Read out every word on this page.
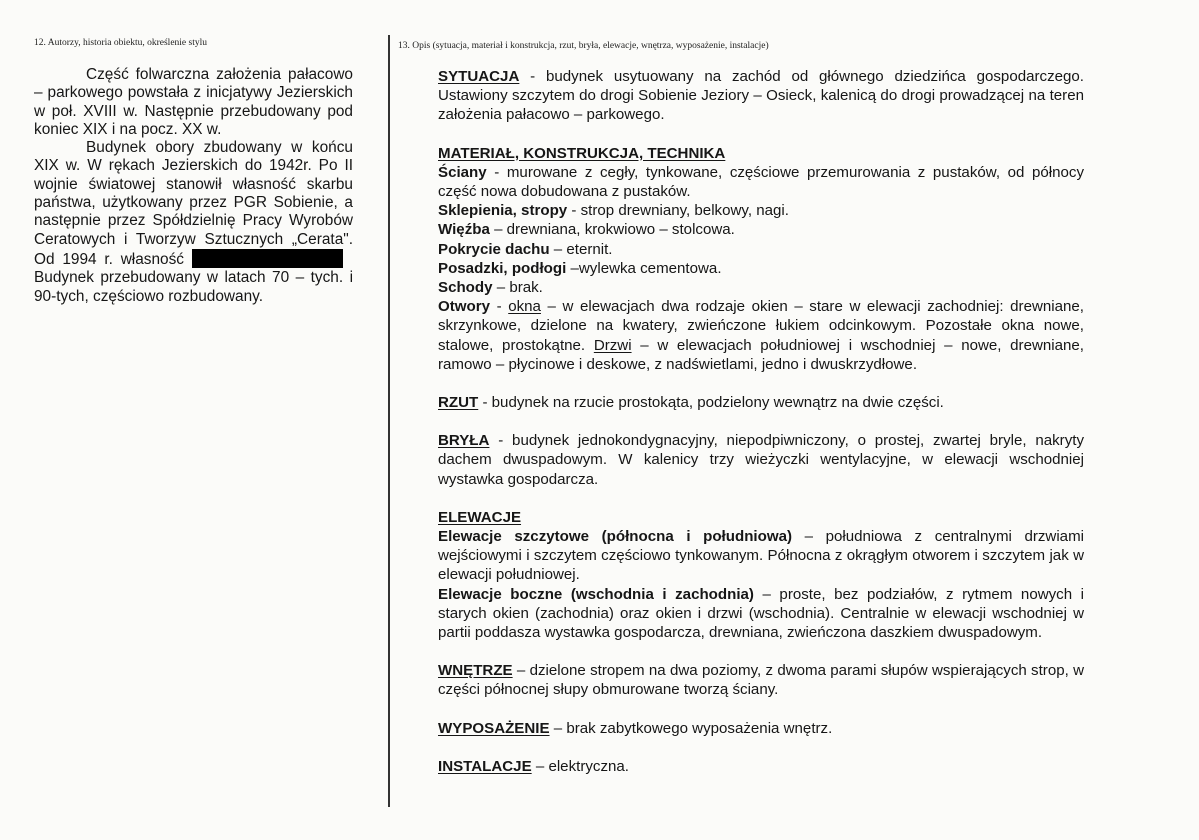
12. Autorzy, historia obiektu, określenie stylu	13. Opis (sytuacja, materiał i konstrukcja, rzut, bryła, elewacje, wnętrza, wyposażenie, instalacje)

Część folwarczna założenia pałacowo – parkowego powstała z inicjatywy Jezierskich w poł. XVIII w. Następnie przebudowany pod koniec XIX i na pocz. XX w.

Budynek obory zbudowany w końcu XIX w. W rękach Jezierskich do 1942r. Po II wojnie światowej stanowił własność skarbu państwa, użytkowany przez PGR Sobienie, a następnie przez Spółdzielnię Pracy Wyrobów Ceratowych i Tworzyw Sztucznych „Cerata". Od 1994 r. własnośćBudynek przebudowany w latach 70 – tych. i 90-tych, częściowo rozbudowany.

SYTUACJA - budynek usytuowany na zachód od głównego dziedzińca gospodarczego. Ustawiony szczytem do drogi Sobienie Jeziory – Osieck, kalenicą do drogi prowadzącej na teren założenia pałacowo – parkowego.

MATERIAŁ, KONSTRUKCJA, TECHNIKA

Ściany - murowane z cegły, tynkowane, częściowe przemurowania z pustaków, od północy część nowa dobudowana z pustaków.

Sklepienia, stropy - strop drewniany, belkowy, nagi.

Więźba – drewniana, krokwiowo – stolcowa.

Pokrycie dachu – eternit.

Posadzki, podłogi –wylewka cementowa.

Schody – brak.

Otwory - okna – w elewacjach dwa rodzaje okien – stare w elewacji zachodniej: drewniane, skrzynkowe, dzielone na kwatery, zwieńczone łukiem odcinkowym. Pozostałe okna nowe, stalowe, prostokątne. Drzwi – w elewacjach południowej i wschodniej – nowe, drewniane, ramowo – płycinowe i deskowe, z nadświetlami, jedno i dwuskrzydłowe.

RZUT - budynek na rzucie prostokąta, podzielony wewnątrz na dwie części.

BRYŁA - budynek jednokondygnacyjny, niepodpiwniczony, o prostej, zwartej bryle, nakryty dachem dwuspadowym. W kalenicy trzy wieżyczki wentylacyjne, w elewacji wschodniej wystawka gospodarcza.

ELEWACJE

Elewacje szczytowe (północna i południowa) – południowa z centralnymi drzwiami wejściowymi i szczytem częściowo tynkowanym. Północna z okrągłym otworem i szczytem jak w elewacji południowej.

Elewacje boczne (wschodnia i zachodnia) – proste, bez podziałów, z rytmem nowych i starych okien (zachodnia) oraz okien i drzwi (wschodnia). Centralnie w elewacji wschodniej w partii poddasza wystawka gospodarcza, drewniana, zwieńczona daszkiem dwuspadowym.

WNĘTRZE – dzielone stropem na dwa poziomy, z dwoma parami słupów wspierających strop, w części północnej słupy obmurowane tworzą ściany.

WYPOSAŻENIE – brak zabytkowego wyposażenia wnętrz.

INSTALACJE – elektryczna.
